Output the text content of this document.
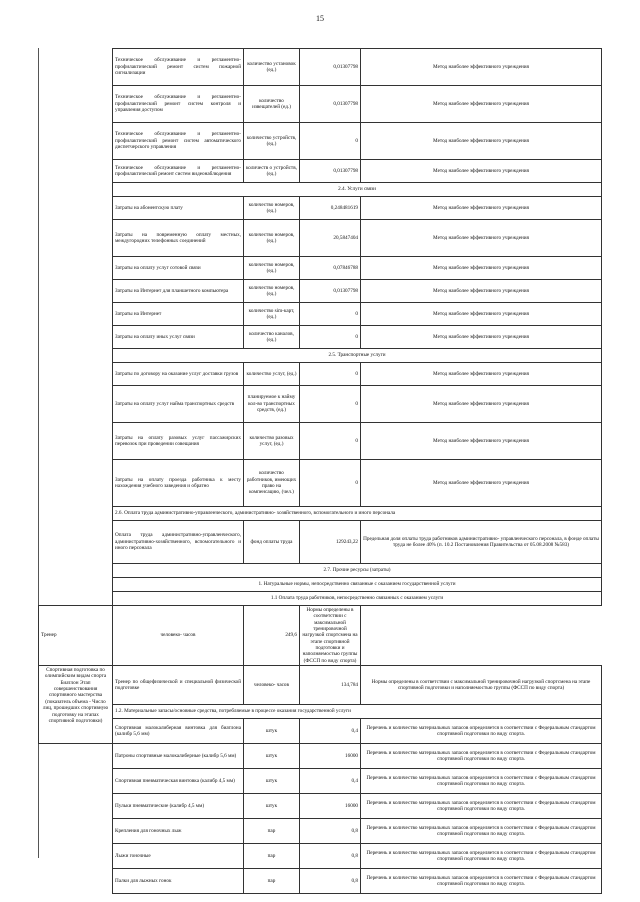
15
	Техническое обслуживание и регламентно-профилактический ремонт систем пожарной сигнализации	количество установок (ед.)	0,01307798	Метод наиболее эффективного учреждения
	Техническое обслуживание и регламентно- профилактический ремонт систем контроля и управления доступом	количество извещателей (ед.)	0,01307798	Метод наиболее эффективного учреждения
	Техническое обслуживание и регламентно- профилактический ремонт систем автоматического диспетчерского управления	количество устройств, (ед.)	0	Метод наиболее эффективного учреждения
	Техническое обслуживание и регламентно- профилактический ремонт систем видеонаблюдения	количеств о устройств, (ед.)	0,01307798	Метод наиболее эффективного учреждения
	2.4. Услуги связи			
	Затраты на абонентскую плату	количество номеров, (ед.)	0,248481619	Метод наиболее эффективного учреждения
	Затраты на повременную оплату местных, междугородних телефонных соединений	количество номеров, (ед.)	20,5847404	Метод наиболее эффективного учреждения
	Затраты на оплату услуг сотовой связи	количество номеров, (ед.)	0,07846788	Метод наиболее эффективного учреждения
	Затраты на Интернет для планшетного компьютера	количество номеров, (ед.)	0,01307798	Метод наиболее эффективного учреждения
	Затраты на Интернет	количество sim-карт, (ед.)	0	Метод наиболее эффективного учреждения
	Затраты на оплату иных услуг связи	количество каналов, (ед.)	0	Метод наиболее эффективного учреждения
	2.5. Транспортные услуги			
	Затраты по договору на оказание услуг доставки грузов	количество услуг, (ед.)	0	Метод наиболее эффективного учреждения
	Затраты на оплату услуг найма транспортных средств	планируемое к найму кол-во транспортных средств, (ед.)	0	Метод наиболее эффективного учреждения
	Затраты на оплату разовых услуг пассажирских перевозок при проведении совещания	количество разовых услуг, (ед.)	0	Метод наиболее эффективного учреждения
	Затраты на оплату проезда работника к месту нахождения учебного заведения и обратно	количество работников, имеющих право на компенсацию, (чел.)	0	Метод наиболее эффективного учреждения
	2.6. Оплата труда административно-управленческого, административно- хозяйственного, вспомогательного и иного персонала			
	Оплата труда административно-управленческого, административно-хозяйственного, вспомогательного и иного персонала	фонд оплаты труда	129243,22	Предельная доля оплаты труда работников административно- управленческого персонала, в фонде оплаты труда не более 40% (п. 10.2 Постановления Правительства от 05.08.2008 №583)
	2.7. Прочие ресурсы (затраты)			
	1. Натуральные нормы, непосредственно связанные с оказанием государственной услуги			
	1.1 Оплата труда работников, непосредственно связанных с оказанием услуги			
Тренер	человеко- часов	249,6	Нормы определены в соответствии с максимальной тренировочной нагрузкой спортсмена на этапе спортивной подготовки и наполняемостью группы (ФССП по виду спорта)	
Спортивная подготовка по олимпийским видам спорта Биатлон Этап совершенствования спортивного мастерства (показатель объема - Число лиц, прошедших спортивную подготовку на этапах спортивной подготовки)	Тренер по общефизической и специальной физической подготовке	человеко- часов	134,784	Нормы определены в соответствии с максимальной тренировочной нагрузкой спортсмена на этапе спортивной подготовки и наполняемостью группы (ФССП по виду спорта)
	1.2. Материальные запасы/основные средства, потребляемые в процессе оказания государственной услуги			
	Спортивная малокалиберная винтовка для биатлона (калибр 5,6 мм)	штук	0,4	Перечень и количество материальных запасов определяется в соответствии с Федеральным стандартом спортивной подготовки по виду спорта.
	Патроны спортивные малокалиберные (калибр 5,6 мм)	штук	16000	Перечень и количество материальных запасов определяется в соответствии с Федеральным стандартом спортивной подготовки по виду спорта.
	Спортивная пневматическая винтовка (калибр 4,5 мм)	штук	0,4	Перечень и количество материальных запасов определяется в соответствии с Федеральным стандартом спортивной подготовки по виду спорта.
	Пульки пневматические (калибр 4,5 мм)	штук	16000	Перечень и количество материальных запасов определяется в соответствии с Федеральным стандартом спортивной подготовки по виду спорта.
	Крепления для гоночных лыж	пар	0,8	Перечень и количество материальных запасов определяется в соответствии с Федеральным стандартом спортивной подготовки по виду спорта.
	Лыжи гоночные	пар	0,8	Перечень и количество материальных запасов определяется в соответствии с Федеральным стандартом спортивной подготовки по виду спорта.
	Палки для лыжных гонок	пар	0,8	Перечень и количество материальных запасов определяется в соответствии с Федеральным стандартом спортивной подготовки по виду спорта.
